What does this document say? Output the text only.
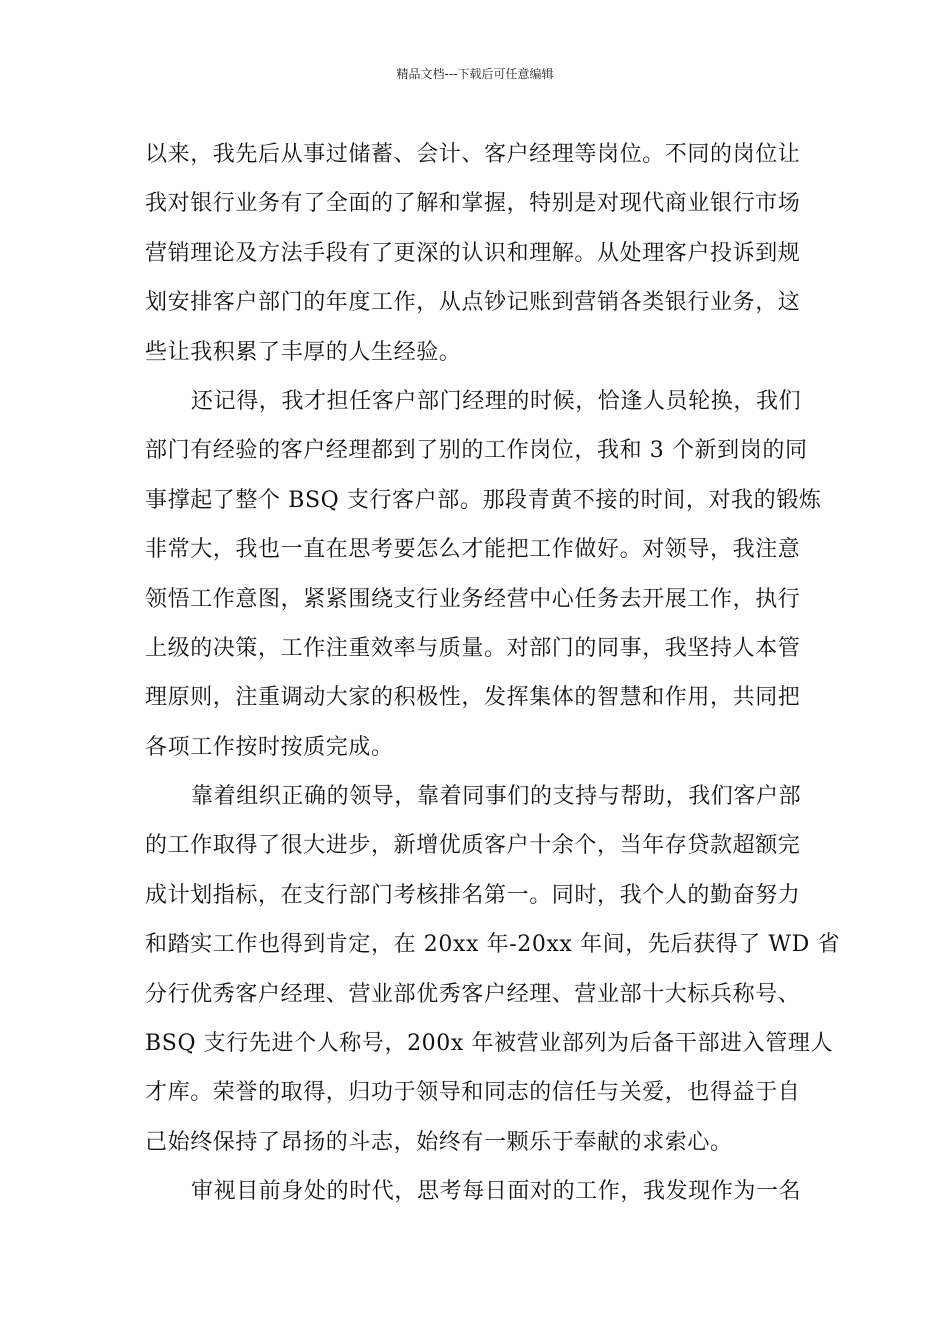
精品文档---下载后可任意编辑
以来，我先后从事过储蓄、会计、客户经理等岗位。不同的岗位让
我对银行业务有了全面的了解和掌握，特别是对现代商业银行市场
营销理论及方法手段有了更深的认识和理解。从处理客户投诉到规
划安排客户部门的年度工作，从点钞记账到营销各类银行业务，这
些让我积累了丰厚的人生经验。
还记得，我才担任客户部门经理的时候，恰逢人员轮换，我们
部门有经验的客户经理都到了别的工作岗位，我和 3 个新到岗的同
事撑起了整个 BSQ 支行客户部。那段青黄不接的时间，对我的锻炼
非常大，我也一直在思考要怎么才能把工作做好。对领导，我注意
领悟工作意图，紧紧围绕支行业务经营中心任务去开展工作，执行
上级的决策，工作注重效率与质量。对部门的同事，我坚持人本管
理原则，注重调动大家的积极性，发挥集体的智慧和作用，共同把
各项工作按时按质完成。
靠着组织正确的领导，靠着同事们的支持与帮助，我们客户部
的工作取得了很大进步，新增优质客户十余个，当年存贷款超额完
成计划指标，在支行部门考核排名第一。同时，我个人的勤奋努力
和踏实工作也得到肯定，在 20xx 年-20xx 年间，先后获得了 WD 省
分行优秀客户经理、营业部优秀客户经理、营业部十大标兵称号、
BSQ 支行先进个人称号，200x 年被营业部列为后备干部进入管理人
才库。荣誉的取得，归功于领导和同志的信任与关爱，也得益于自
己始终保持了昂扬的斗志，始终有一颗乐于奉献的求索心。
审视目前身处的时代，思考每日面对的工作，我发现作为一名
